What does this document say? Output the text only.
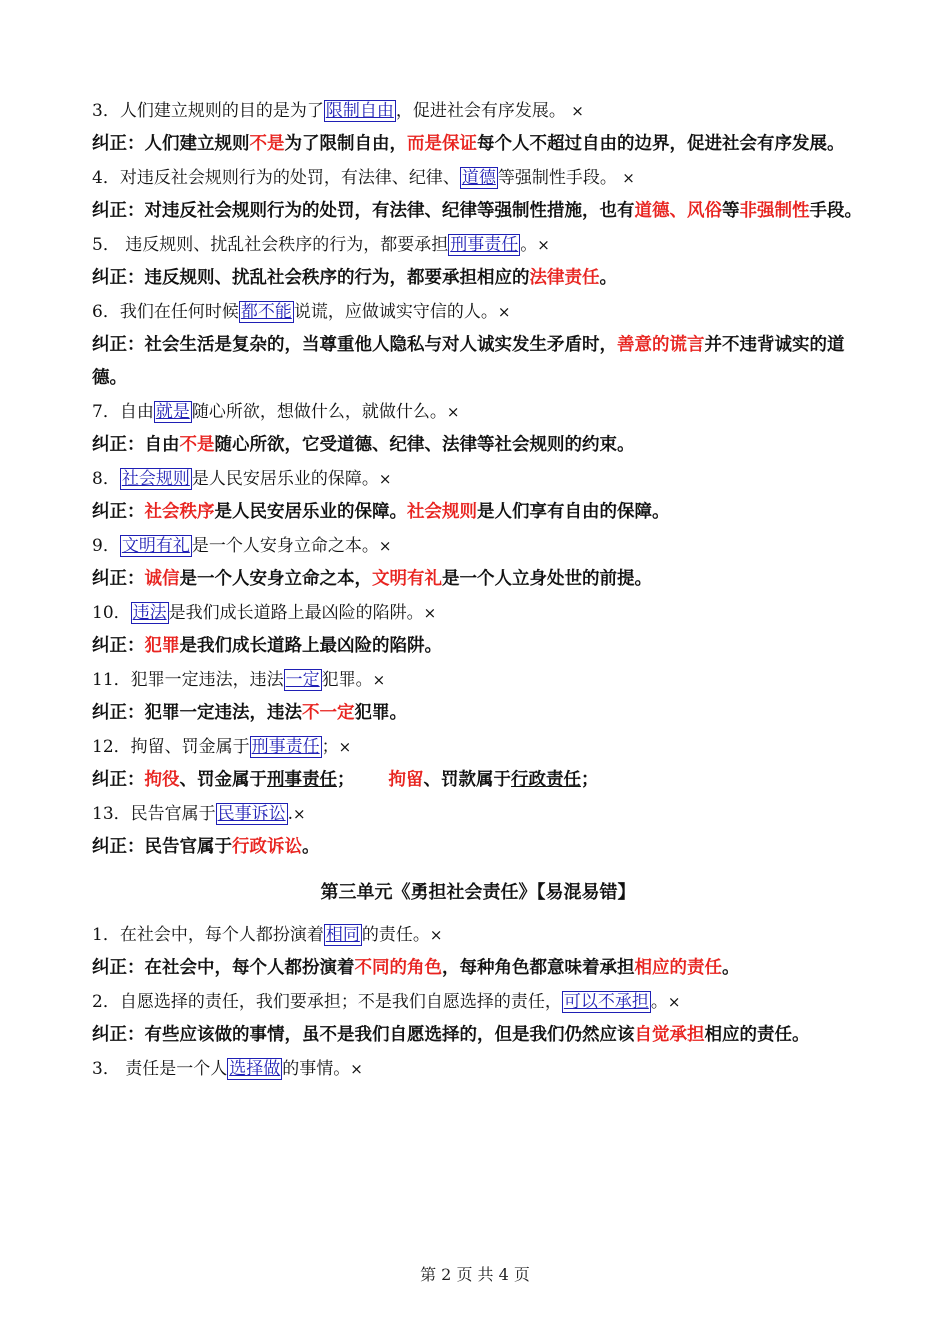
3．人们建立规则的目的是为了 限制自由 ，促进社会有序发展。 ×

纠正：人们建立规则不是为了限制自由，而是保证每个人不超过自由的边界，促进社会有序发展。

4．对违反社会规则行为的处罚，有法律、纪律、 道德 等强制性手段。 ×

纠正：对违反社会规则行为的处罚，有法律、纪律等强制性措施，也有道德、风俗等非强制性手段。

5． 违反规则、扰乱社会秩序的行为，都要承担 刑事责任 。×

纠正：违反规则、扰乱社会秩序的行为，都要承担相应的法律责任。

6．我们在任何时候 都不能 说谎，应做诚实守信的人。×

纠正：社会生活是复杂的，当尊重他人隐私与对人诚实发生矛盾时，善意的谎言并不违背诚实的道德。

7．自由 就是 随心所欲，想做什么，就做什么。×

纠正：自由不是随心所欲，它受道德、纪律、法律等社会规则的约束。

8． 社会规则 是人民安居乐业的保障。×

纠正：社会秩序是人民安居乐业的保障。社会规则是人们享有自由的保障。

9． 文明有礼 是一个人安身立命之本。×

纠正：诚信是一个人安身立命之本，文明有礼是一个人立身处世的前提。

10． 违法 是我们成长道路上最凶险的陷阱。×

纠正：犯罪是我们成长道路上最凶险的陷阱。

11．犯罪一定违法，违法 一定 犯罪。×

纠正：犯罪一定违法，违法不一定犯罪。

12．拘留、罚金属于 刑事责任 ；×

纠正：拘役、罚金属于刑事责任； 拘留、罚款属于行政责任；

13．民告官属于 民事诉讼 .×

纠正：民告官属于行政诉讼。

第三单元《勇担社会责任》【易混易错】

1．在社会中，每个人都扮演着 相同 的责任。×

纠正：在社会中，每个人都扮演着不同的角色，每种角色都意味着承担相应的责任。

2．自愿选择的责任，我们要承担；不是我们自愿选择的责任， 可以不承担 。×

纠正：有些应该做的事情，虽不是我们自愿选择的，但是我们仍然应该自觉承担相应的责任。

3． 责任是一个人 选择做 的事情。×

第 2 页 共 4 页
